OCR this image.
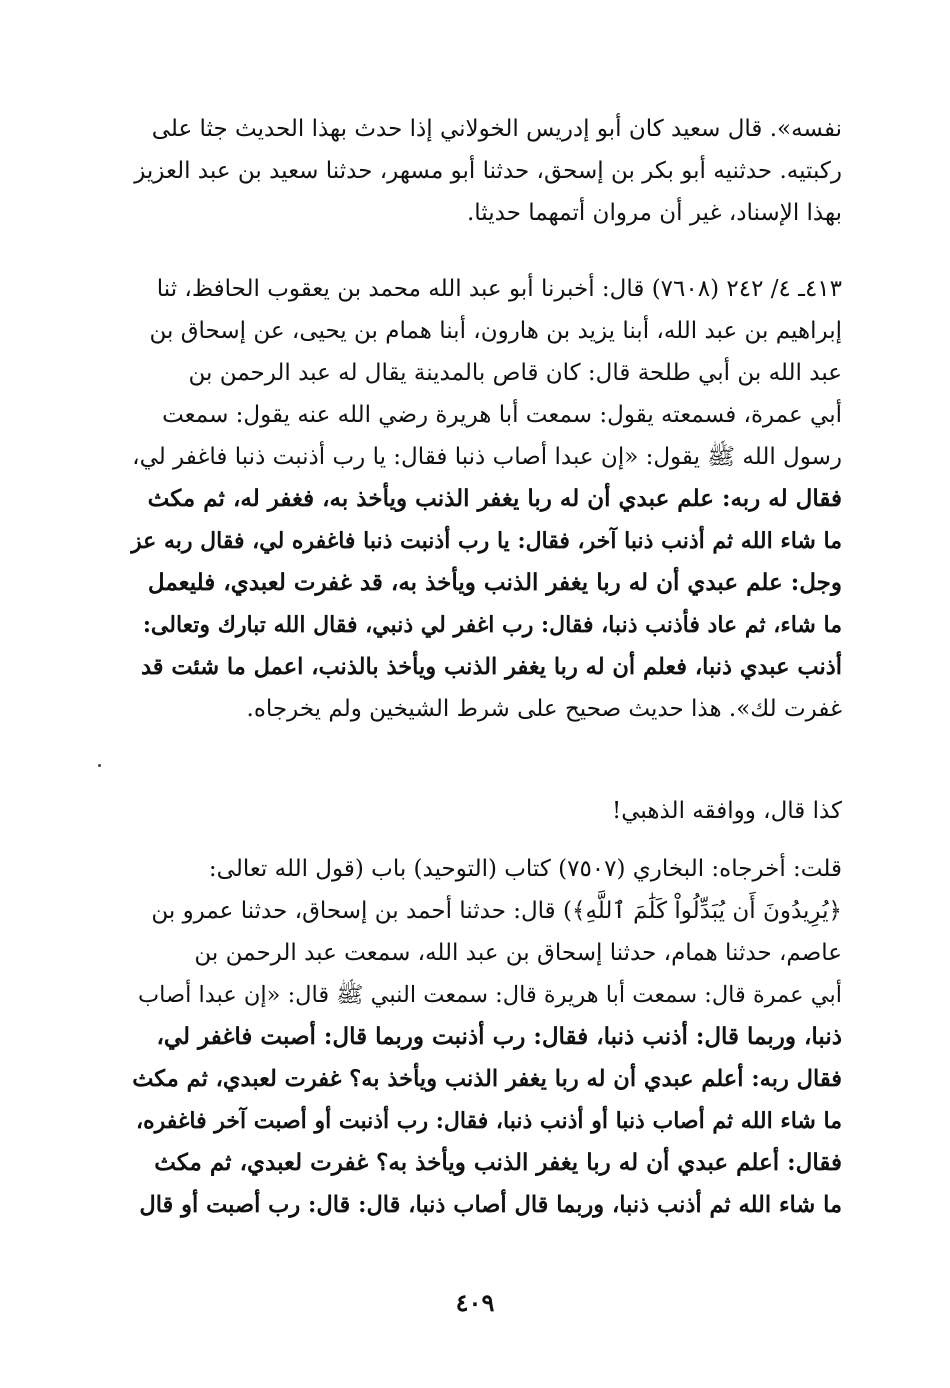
نفسه». قال سعيد كان أبو إدريس الخولاني إذا حدث بهذا الحديث جثا على
ركبتيه. حدثنيه أبو بكر بن إسحق، حدثنا أبو مسهر، حدثنا سعيد بن عبد العزيز
بهذا الإسناد، غير أن مروان أتمهما حديثا.
٤١٣ـ ٤/ ٢٤٢ (٧٦٠٨) قال: أخبرنا أبو عبد الله محمد بن يعقوب الحافظ، ثنا
إبراهيم بن عبد الله، أبنا يزيد بن هارون، أبنا همام بن يحيى، عن إسحاق بن
عبد الله بن أبي طلحة قال: كان قاص بالمدينة يقال له عبد الرحمن بن
أبي عمرة، فسمعته يقول: سمعت أبا هريرة رضي الله عنه يقول: سمعت
رسول الله ﷺ يقول: «إن عبدا أصاب ذنبا فقال: يا رب أذنبت ذنبا فاغفر لي،
فقال له ربه: علم عبدي أن له ربا يغفر الذنب ويأخذ به، فغفر له، ثم مكث
ما شاء الله ثم أذنب ذنبا آخر، فقال: يا رب أذنبت ذنبا فاغفره لي، فقال ربه عز
وجل: علم عبدي أن له ربا يغفر الذنب ويأخذ به، قد غفرت لعبدي، فليعمل
ما شاء، ثم عاد فأذنب ذنبا، فقال: رب اغفر لي ذنبي، فقال الله تبارك وتعالى:
أذنب عبدي ذنبا، فعلم أن له ربا يغفر الذنب ويأخذ بالذنب، اعمل ما شئت قد
غفرت لك». هذا حديث صحيح على شرط الشيخين ولم يخرجاه.
كذا قال، ووافقه الذهبي!
قلت: أخرجاه: البخاري (٧٥٠٧) كتاب (التوحيد) باب (قول الله تعالى:
﴿يُرِيدُونَ أَن يُبَدِّلُواْ كَلَٰمَ ٱللَّهِ﴾) قال: حدثنا أحمد بن إسحاق، حدثنا عمرو بن
عاصم، حدثنا همام، حدثنا إسحاق بن عبد الله، سمعت عبد الرحمن بن
أبي عمرة قال: سمعت أبا هريرة قال: سمعت النبي ﷺ قال: «إن عبدا أصاب
ذنبا، وربما قال: أذنب ذنبا، فقال: رب أذنبت وربما قال: أصبت فاغفر لي،
فقال ربه: أعلم عبدي أن له ربا يغفر الذنب ويأخذ به؟ غفرت لعبدي، ثم مكث
ما شاء الله ثم أصاب ذنبا أو أذنب ذنبا، فقال: رب أذنبت أو أصبت آخر فاغفره،
فقال: أعلم عبدي أن له ربا يغفر الذنب ويأخذ به؟ غفرت لعبدي، ثم مكث
ما شاء الله ثم أذنب ذنبا، وربما قال أصاب ذنبا، قال: قال: رب أصبت أو قال
٤٠٩
